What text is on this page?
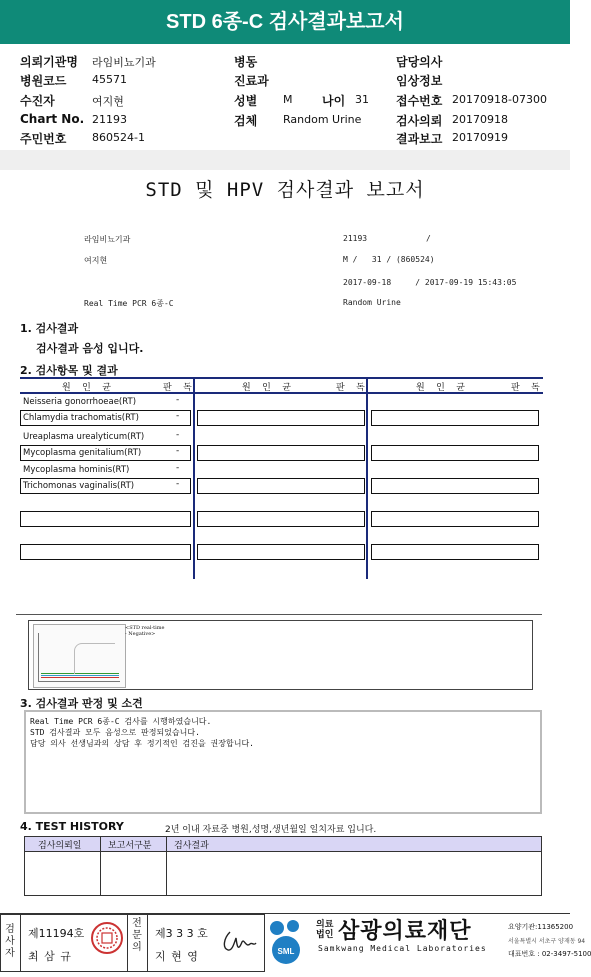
STD 6종-C 검사결과보고서
의뢰기관명 라임비뇨기과
병원코드 45571
수진자	여지현
Chart No. 21193
주민번호 860524-1
병동
진료과
성별 M 나이 31
검체 Random Urine
담당의사
임상정보
접수번호 20170918-07300
검사의뢰 20170918
결과보고 20170919
STD 및 HPV 검사결과 보고서
라임비뇨기과	21193	/
여지현	M /   31 / (860524)
2017-09-18     / 2017-09-19 15:43:05
Real Time PCR 6종-C	Random Urine
1. 검사결과
검사결과 음성 입니다.
2. 검사항목 및 결과
원 인 균	판 독	원 인 균	판 독	원 인 균	판 독
Neisseria gonorrhoeae(RT)	-
Chlamydia trachomatis(RT)	-
Ureaplasma urealyticum(RT)	-
Mycoplasma genitalium(RT)	-
Mycoplasma hominis(RT)	-
Trichomonas vaginalis(RT)	-
<STD real-time
- Negative>
3. 검사결과 판정 및 소견
Real Time PCR 6종-C 검사를 시행하였습니다.
STD 검사결과 모두 음성으로 판정되었습니다.
담당 의사 선생님과의 상담 후 정기적인 검진을 권장합니다.
4. TEST HISTORY	2년 이내 자료중 병원,성명,생년월일 일치자료 입니다.
검사의뢰일	보고서구분	검사결과
검사자
제11194호
최 삼 규
전문의
제3 3 3 호
지 현 영	SML
의료
법인 삼광의료재단
Samkwang Medical Laboratories
요양기관:11365200
서울특별시 서초구 양재동 94
대표번호 : 02-3497-5100
